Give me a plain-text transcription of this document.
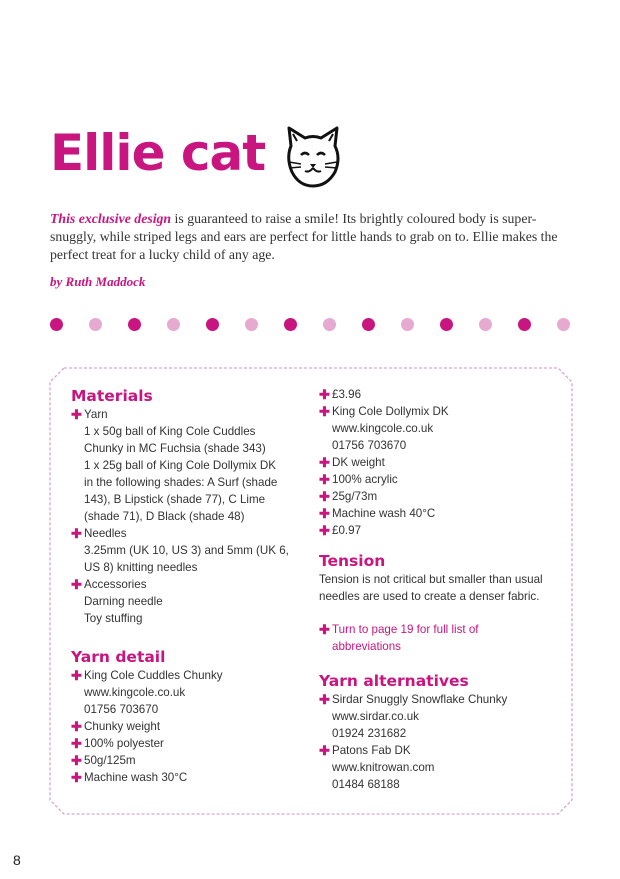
Ellie cat

This exclusive design is guaranteed to raise a smile! Its brightly coloured body is super-snuggly, while striped legs and ears are perfect for little hands to grab on to. Ellie makes the perfect treat for a lucky child of any age.

by Ruth Maddock

Materials
✚ Yarn
1 x 50g ball of King Cole Cuddles
Chunky in MC Fuchsia (shade 343)
1 x 25g ball of King Cole Dollymix DK
in the following shades: A Surf (shade
143), B Lipstick (shade 77), C Lime
(shade 71), D Black (shade 48)
✚ Needles
3.25mm (UK 10, US 3) and 5mm (UK 6,
US 8) knitting needles
✚ Accessories
Darning needle
Toy stuffing
Yarn detail
✚ King Cole Cuddles Chunky
www.kingcole.co.uk
01756 703670
✚ Chunky weight
✚ 100% polyester
✚ 50g/125m
✚ Machine wash 30°C
✚ £3.96
✚ King Cole Dollymix DK
www.kingcole.co.uk
01756 703670
✚ DK weight
✚ 100% acrylic
✚ 25g/73m
✚ Machine wash 40°C
✚ £0.97
Tension
Tension is not critical but smaller than usual needles are used to create a denser fabric.
✚ Turn to page 19 for full list of
abbreviations
Yarn alternatives
✚ Sirdar Snuggly Snowflake Chunky
www.sirdar.co.uk
01924 231682
✚ Patons Fab DK
www.knitrowan.com
01484 68188
8
